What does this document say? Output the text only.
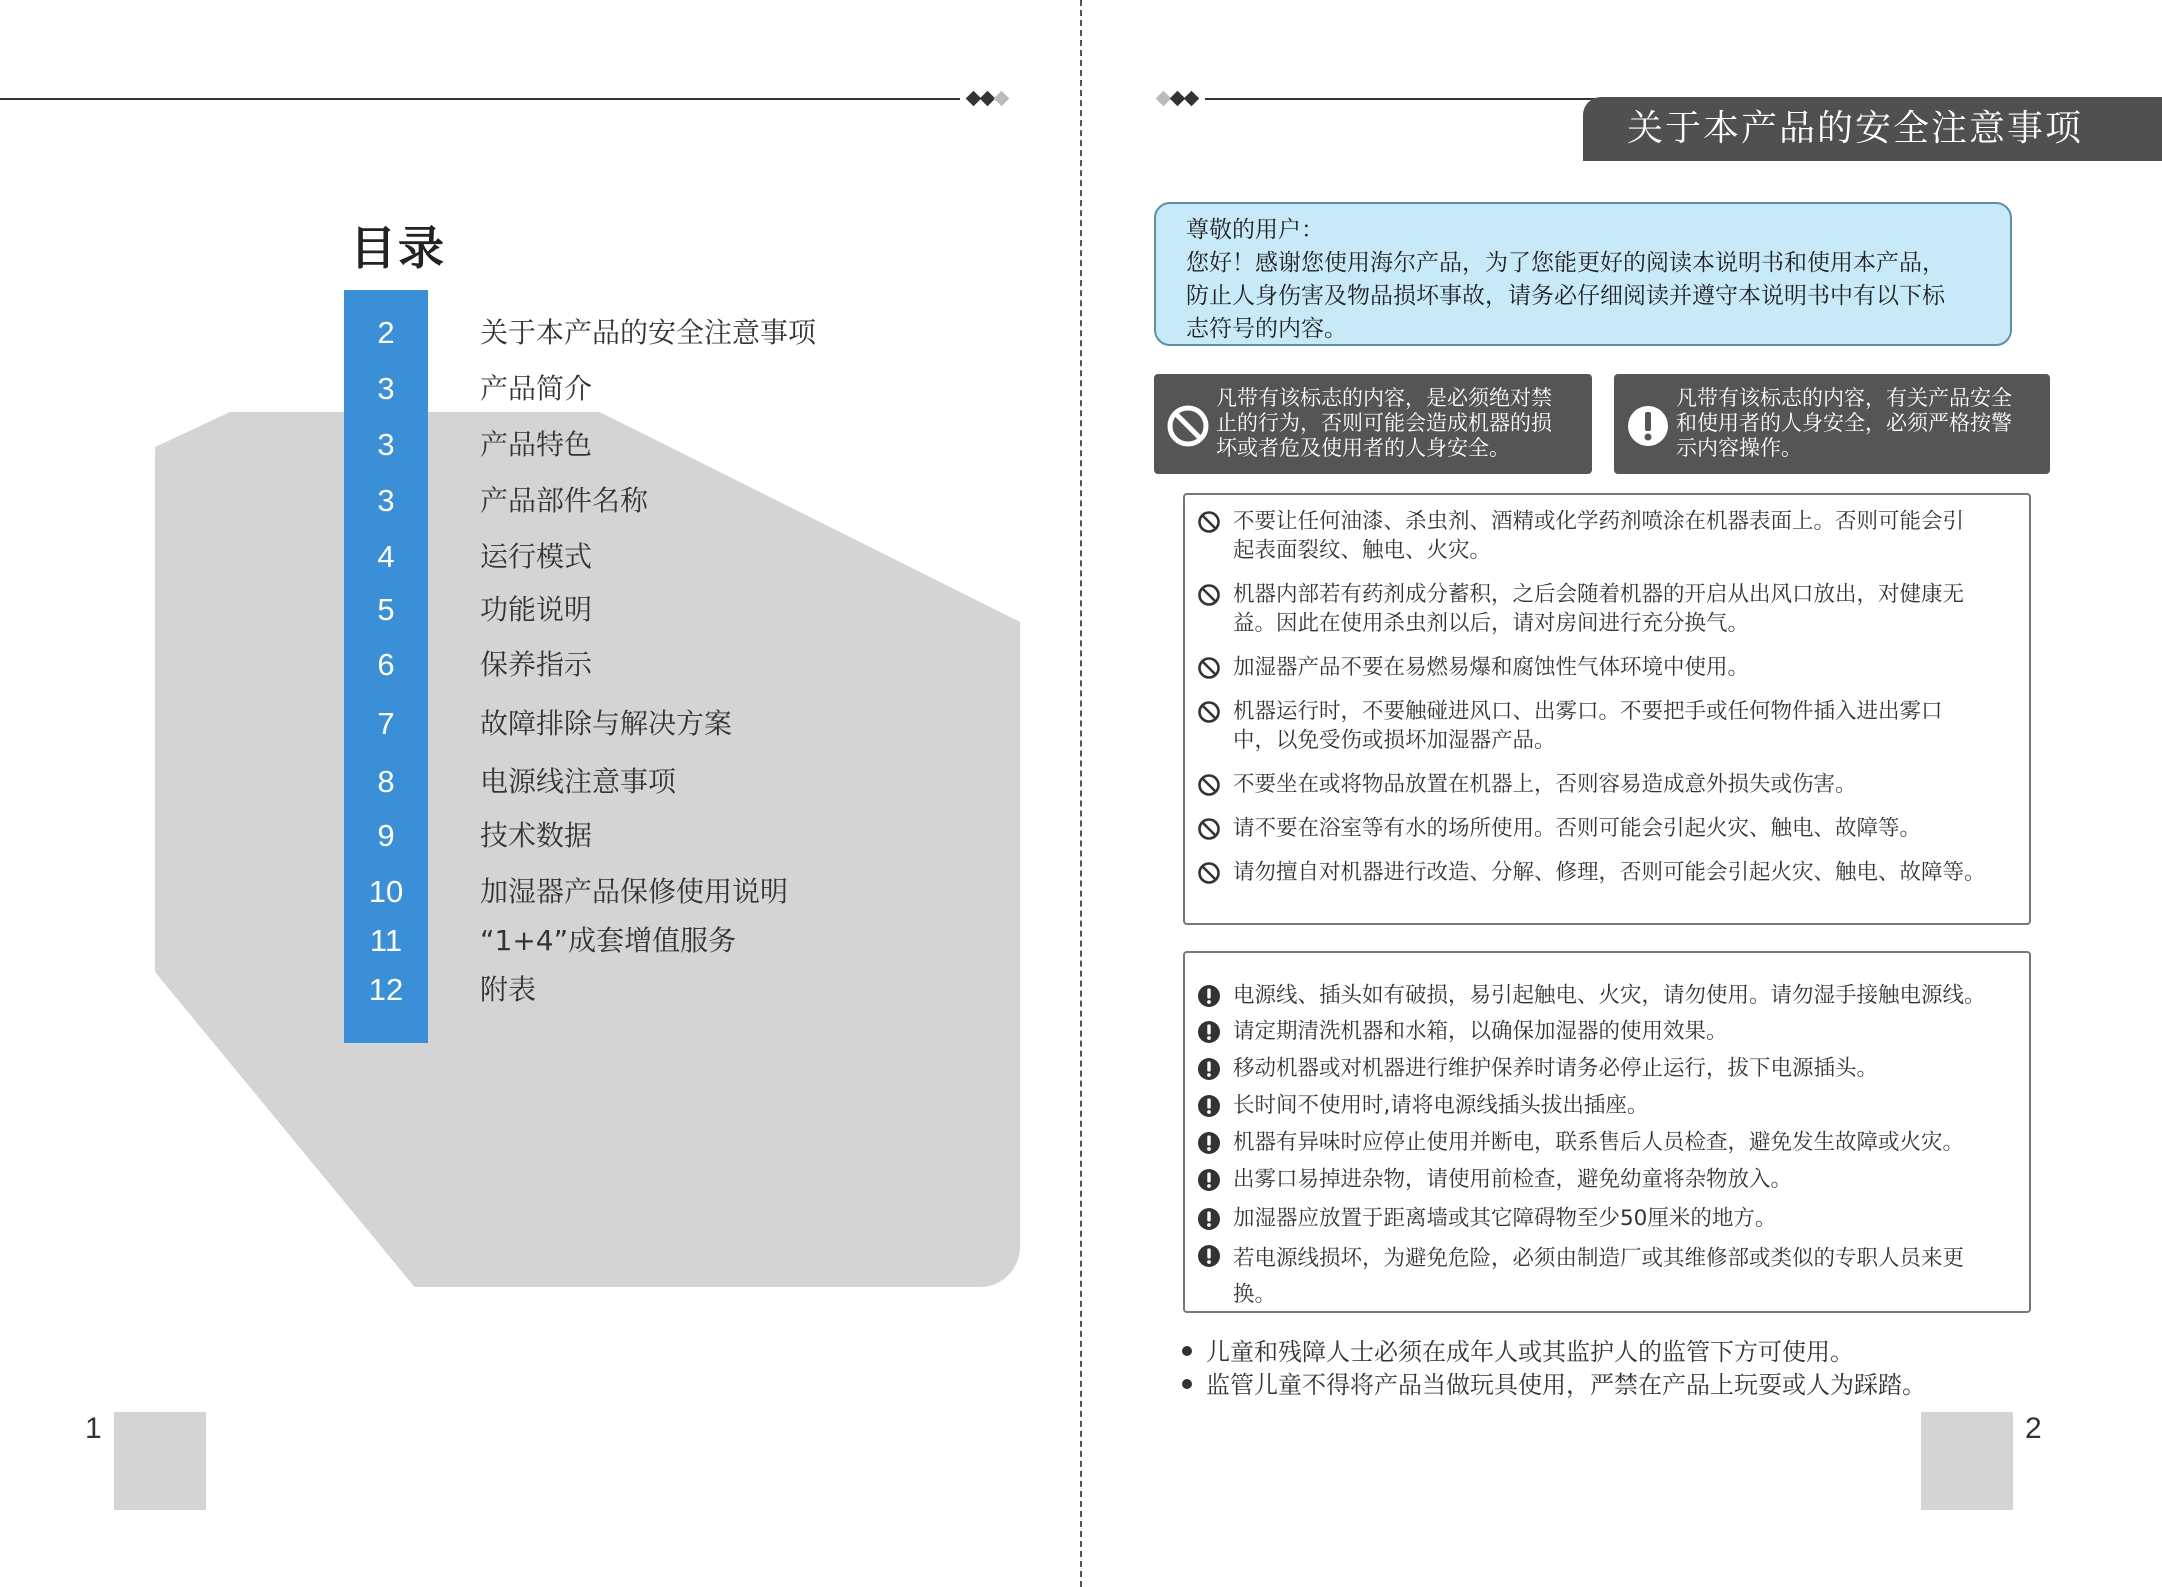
目录
2	关于本产品的安全注意事项
3	产品简介
3	产品特色
3	产品部件名称
4	运行模式
5	功能说明
6	保养指示
7	故障排除与解决方案
8	电源线注意事项
9	技术数据
10	加湿器产品保修使用说明
11	“1+4”成套增值服务
12	附表
1
关于本产品的安全注意事项
尊敬的用户：
您好！感谢您使用海尔产品，为了您能更好的阅读本说明书和使用本产品，
防止人身伤害及物品损坏事故，请务必仔细阅读并遵守本说明书中有以下标
志符号的内容。
凡带有该标志的内容，是必须绝对禁
止的行为，否则可能会造成机器的损
坏或者危及使用者的人身安全。
凡带有该标志的内容，有关产品安全
和使用者的人身安全，必须严格按警
示内容操作。
不要让任何油漆、杀虫剂、酒精或化学药剂喷涂在机器表面上。否则可能会引
起表面裂纹、触电、火灾。
机器内部若有药剂成分蓄积，之后会随着机器的开启从出风口放出，对健康无
益。因此在使用杀虫剂以后，请对房间进行充分换气。
加湿器产品不要在易燃易爆和腐蚀性气体环境中使用。
机器运行时，不要触碰进风口、出雾口。不要把手或任何物件插入进出雾口
中，以免受伤或损坏加湿器产品。
不要坐在或将物品放置在机器上，否则容易造成意外损失或伤害。
请不要在浴室等有水的场所使用。否则可能会引起火灾、触电、故障等。
请勿擅自对机器进行改造、分解、修理，否则可能会引起火灾、触电、故障等。
电源线、插头如有破损，易引起触电、火灾，请勿使用。请勿湿手接触电源线。
请定期清洗机器和水箱，以确保加湿器的使用效果。
移动机器或对机器进行维护保养时请务必停止运行，拔下电源插头。
长时间不使用时,请将电源线插头拔出插座。
机器有异味时应停止使用并断电，联系售后人员检查，避免发生故障或火灾。
出雾口易掉进杂物，请使用前检查，避免幼童将杂物放入。
加湿器应放置于距离墙或其它障碍物至少50厘米的地方。
若电源线损坏，为避免危险，必须由制造厂或其维修部或类似的专职人员来更
换。
儿童和残障人士必须在成年人或其监护人的监管下方可使用。
监管儿童不得将产品当做玩具使用，严禁在产品上玩耍或人为踩踏。
2
